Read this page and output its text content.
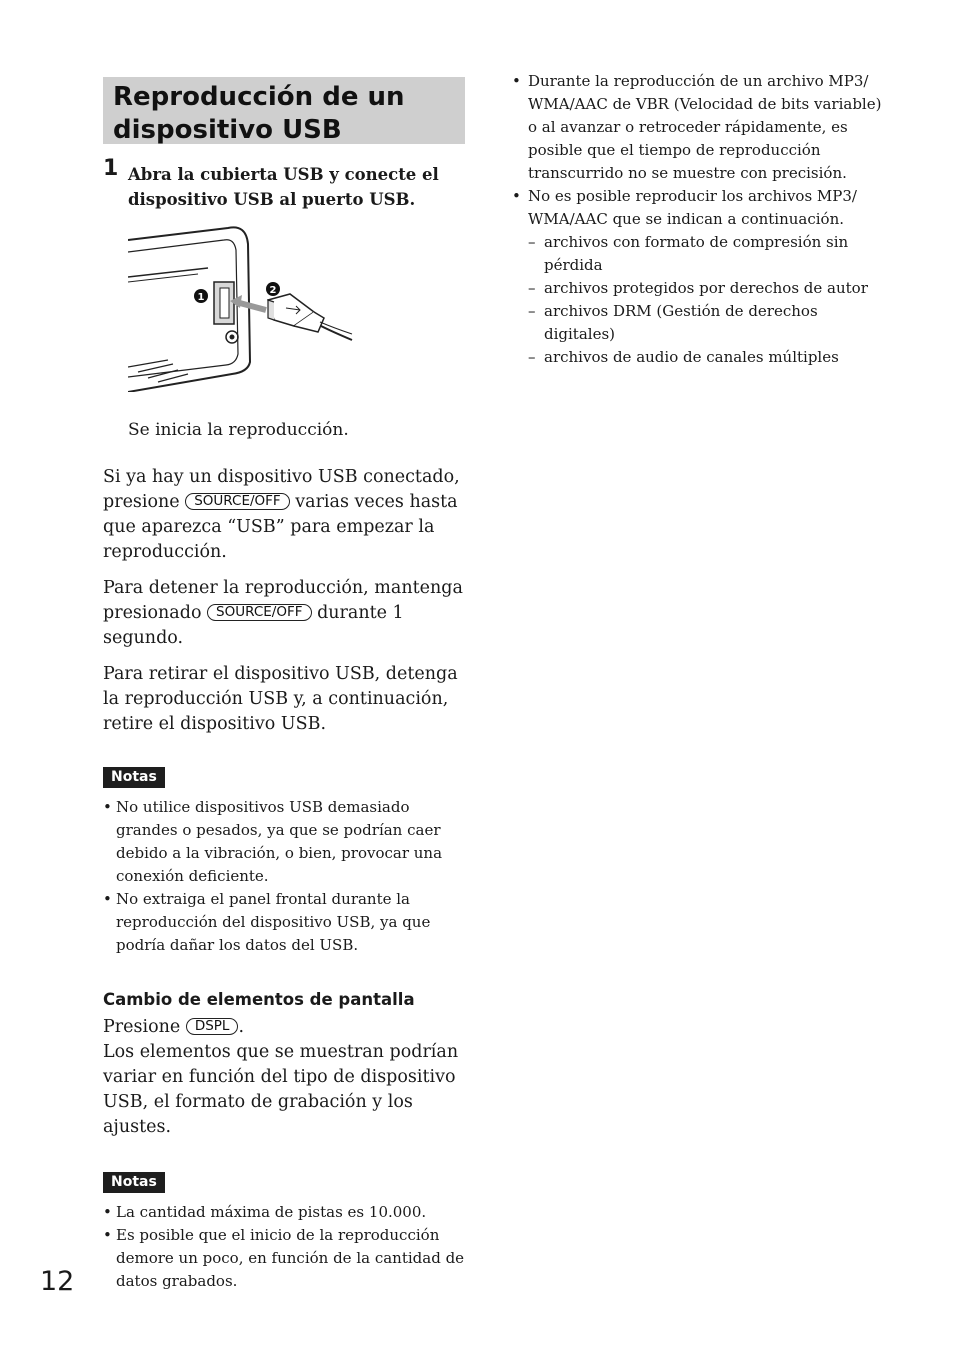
Reproducción de un dispositivo USB
1 Abra la cubierta USB y conecte el dispositivo USB al puerto USB.
1
2
Se inicia la reproducción.
Si ya hay un dispositivo USB conectado, presione SOURCE/OFF varias veces hasta que aparezca “USB” para empezar la reproducción.
Para detener la reproducción, mantenga presionado SOURCE/OFF durante 1 segundo.
Para retirar el dispositivo USB, detenga la reproducción USB y, a continuación, retire el dispositivo USB.
Notas
• No utilice dispositivos USB demasiado grandes o pesados, ya que se podrían caer debido a la vibración, o bien, provocar una conexión deficiente.
• No extraiga el panel frontal durante la reproducción del dispositivo USB, ya que podría dañar los datos del USB.
Cambio de elementos de pantalla
Presione DSPL .
Los elementos que se muestran podrían variar en función del tipo de dispositivo USB, el formato de grabación y los ajustes.
Notas
• La cantidad máxima de pistas es 10.000.
• Es posible que el inicio de la reproducción demore un poco, en función de la cantidad de datos grabados.
• Durante la reproducción de un archivo MP3/ WMA/AAC de VBR (Velocidad de bits variable) o al avanzar o retroceder rápidamente, es posible que el tiempo de reproducción transcurrido no se muestre con precisión.
• No es posible reproducir los archivos MP3/ WMA/AAC que se indican a continuación.
– archivos con formato de compresión sin pérdida
– archivos protegidos por derechos de autor
– archivos DRM (Gestión de derechos digitales)
– archivos de audio de canales múltiples
12
